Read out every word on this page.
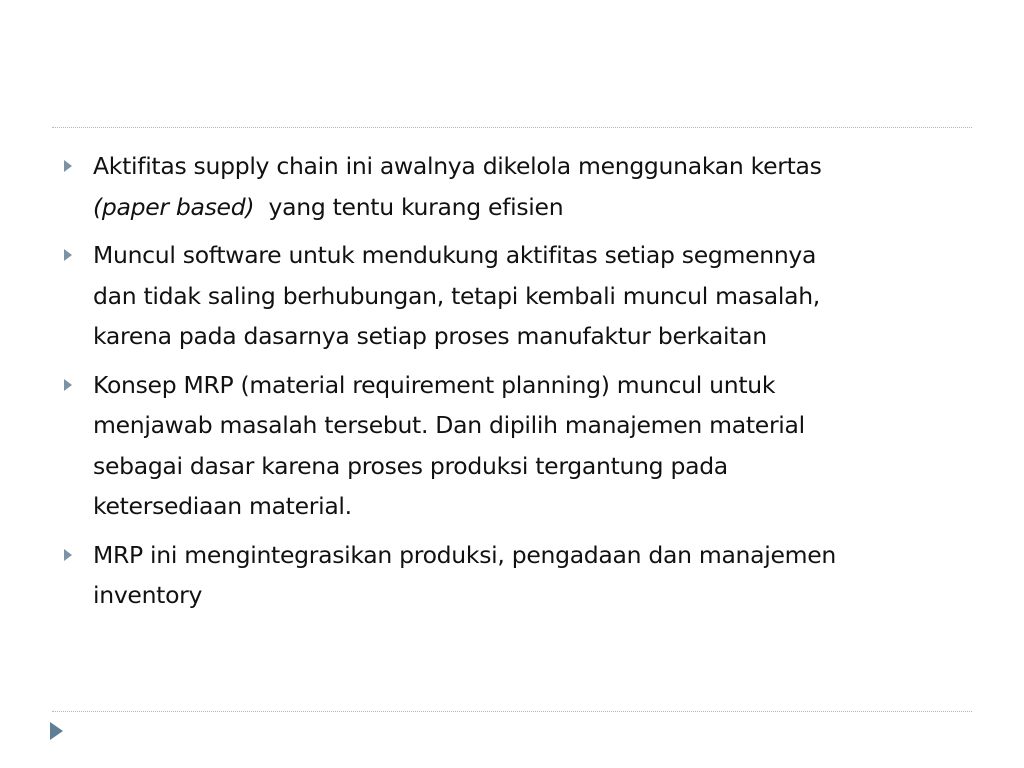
Aktifitas supply chain ini awalnya dikelola menggunakan kertas
(paper based)  yang tentu kurang efisien
Muncul software untuk mendukung aktifitas setiap segmennya
dan tidak saling berhubungan, tetapi kembali muncul masalah,
karena pada dasarnya setiap proses manufaktur berkaitan
Konsep MRP (material requirement planning) muncul untuk
menjawab masalah tersebut. Dan dipilih manajemen material
sebagai dasar karena proses produksi tergantung pada
ketersediaan material.
MRP ini mengintegrasikan produksi, pengadaan dan manajemen
inventory
